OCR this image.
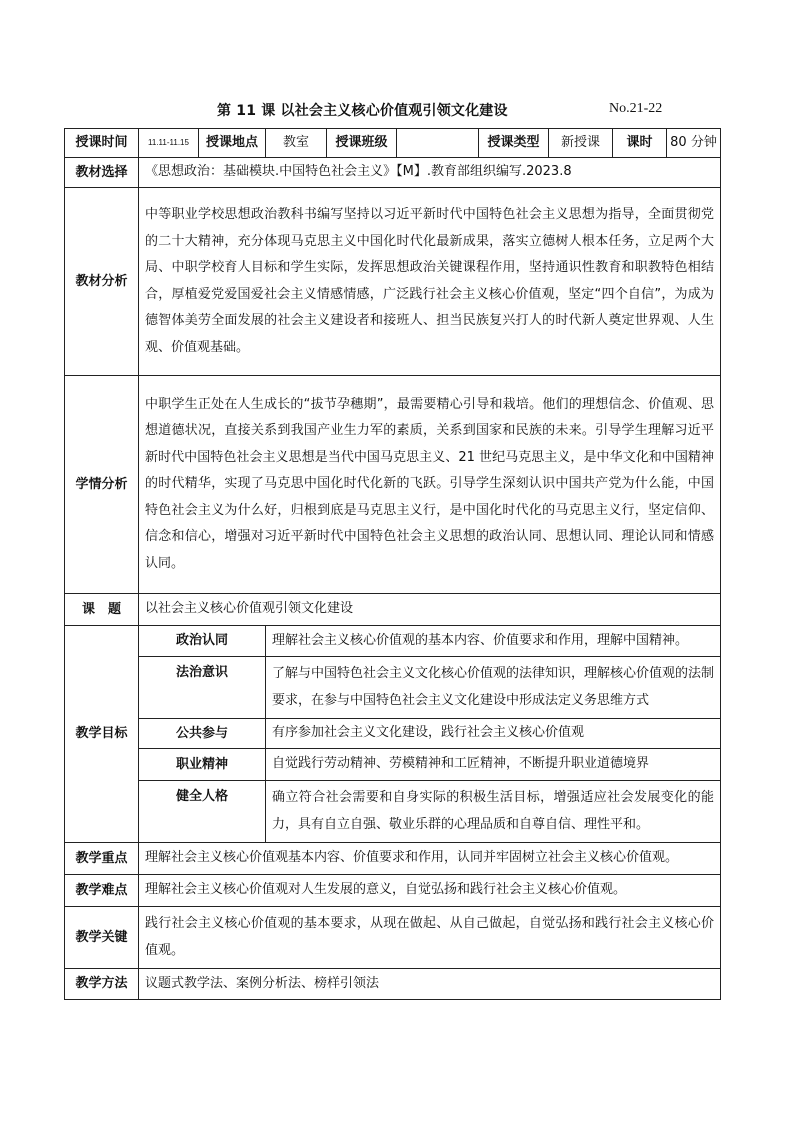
第 11 课 以社会主义核心价值观引领文化建设	No.21-22
授课时间	11.11-11.15	授课地点	教室	授课班级		授课类型	新授课	课时	80 分钟
教材选择	《思想政治：基础模块.中国特色社会主义》【M】.教育部组织编写.2023.8								
教材分析	中等职业学校思想政治教科书编写坚持以习近平新时代中国特色社会主义思想为指导，全面贯彻党的二十大精神，充分体现马克思主义中国化时代化最新成果，落实立德树人根本任务，立足两个大局、中职学校育人目标和学生实际，发挥思想政治关键课程作用，坚持通识性教育和职教特色相结合，厚植爱党爱国爱社会主义情感情感，广泛践行社会主义核心价值观，坚定“四个自信”，为成为德智体美劳全面发展的社会主义建设者和接班人、担当民族复兴打人的时代新人奠定世界观、人生观、价值观基础。								
学情分析	中职学生正处在人生成长的“拔节孕穗期”，最需要精心引导和栽培。他们的理想信念、价值观、思想道德状况，直接关系到我国产业生力军的素质，关系到国家和民族的未来。引导学生理解习近平新时代中国特色社会主义思想是当代中国马克思主义、21 世纪马克思主义，是中华文化和中国精神的时代精华，实现了马克思中国化时代化新的飞跃。引导学生深刻认识中国共产党为什么能，中国特色社会主义为什么好，归根到底是马克思主义行，是中国化时代化的马克思主义行，坚定信仰、信念和信心，增强对习近平新时代中国特色社会主义思想的政治认同、思想认同、理论认同和情感认同。								
课　题	以社会主义核心价值观引领文化建设								
教学目标	政治认同		理解社会主义核心价值观的基本内容、价值要求和作用，理解中国精神。						
	法治意识		了解与中国特色社会主义文化核心价值观的法律知识，理解核心价值观的法制要求，在参与中国特色社会主义文化建设中形成法定义务思维方式						
	公共参与		有序参加社会主义文化建设，践行社会主义核心价值观						
	职业精神		自觉践行劳动精神、劳模精神和工匠精神，不断提升职业道德境界						
	健全人格		确立符合社会需要和自身实际的积极生活目标，增强适应社会发展变化的能力，具有自立自强、敬业乐群的心理品质和自尊自信、理性平和。						
教学重点	理解社会主义核心价值观基本内容、价值要求和作用，认同并牢固树立社会主义核心价值观。								
教学难点	理解社会主义核心价值观对人生发展的意义，自觉弘扬和践行社会主义核心价值观。								
教学关键	践行社会主义核心价值观的基本要求，从现在做起、从自己做起，自觉弘扬和践行社会主义核心价值观。								
教学方法	议题式教学法、案例分析法、榜样引领法								
